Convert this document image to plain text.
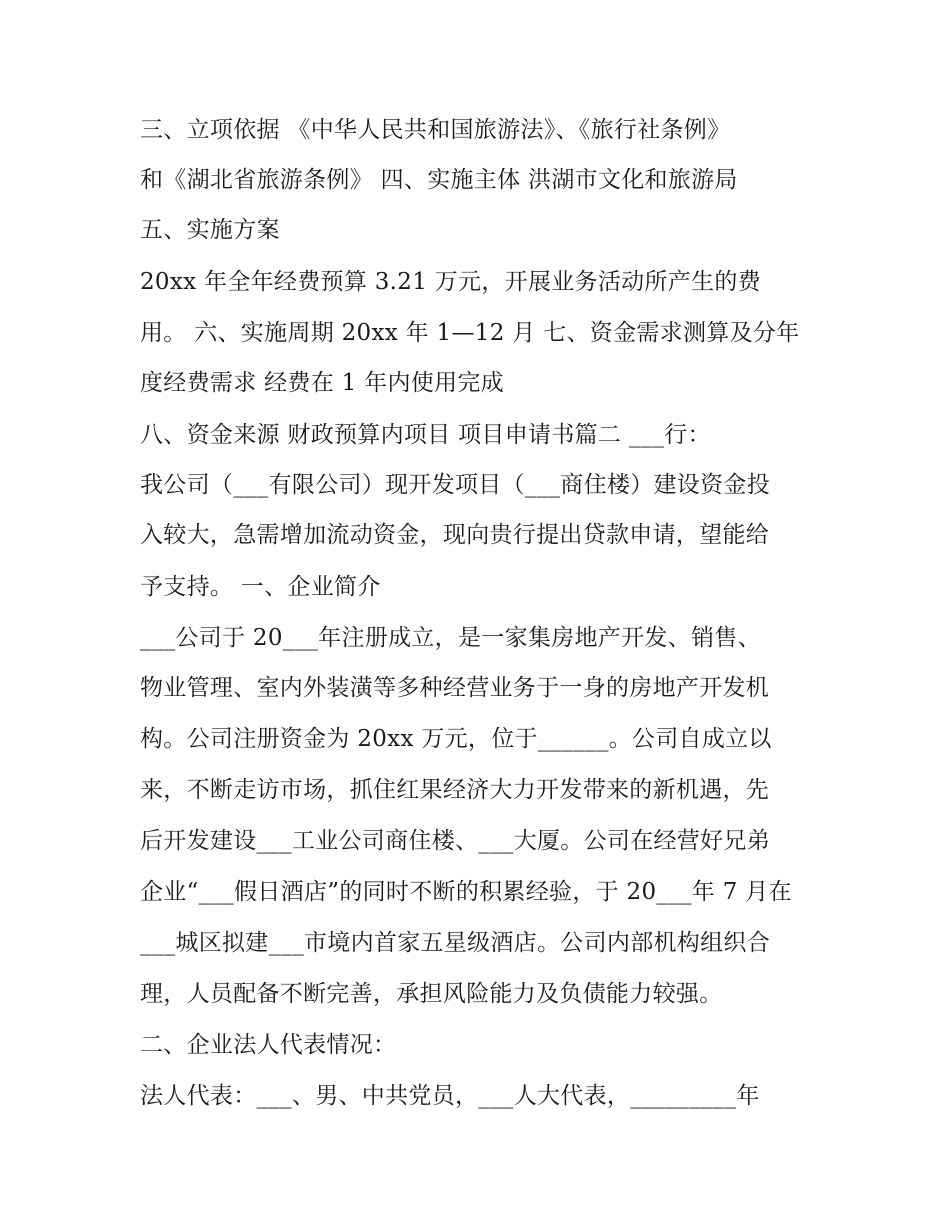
三、立项依据 《中华人民共和国旅游法》、《旅行社条例》
和《湖北省旅游条例》 四、实施主体 洪湖市文化和旅游局
五、实施方案
20xx 年全年经费预算 3.21 万元，开展业务活动所产生的费
用。 六、实施周期 20xx 年 1—12 月 七、资金需求测算及分年
度经费需求 经费在 1 年内使用完成
八、资金来源 财政预算内项目 项目申请书篇二 ___行：
我公司（___有限公司）现开发项目（___商住楼）建设资金投
入较大，急需增加流动资金，现向贵行提出贷款申请，望能给
予支持。 一、企业简介
___公司于 20___年注册成立，是一家集房地产开发、销售、
物业管理、室内外装潢等多种经营业务于一身的房地产开发机
构。公司注册资金为 20xx 万元，位于______。公司自成立以
来，不断走访市场，抓住红果经济大力开发带来的新机遇，先
后开发建设___工业公司商住楼、___大厦。公司在经营好兄弟
企业“___假日酒店”的同时不断的积累经验，于 20___年 7 月在
___城区拟建___市境内首家五星级酒店。公司内部机构组织合
理，人员配备不断完善，承担风险能力及负债能力较强。
二、企业法人代表情况：
法人代表：___、男、中共党员，___人大代表，_________年
